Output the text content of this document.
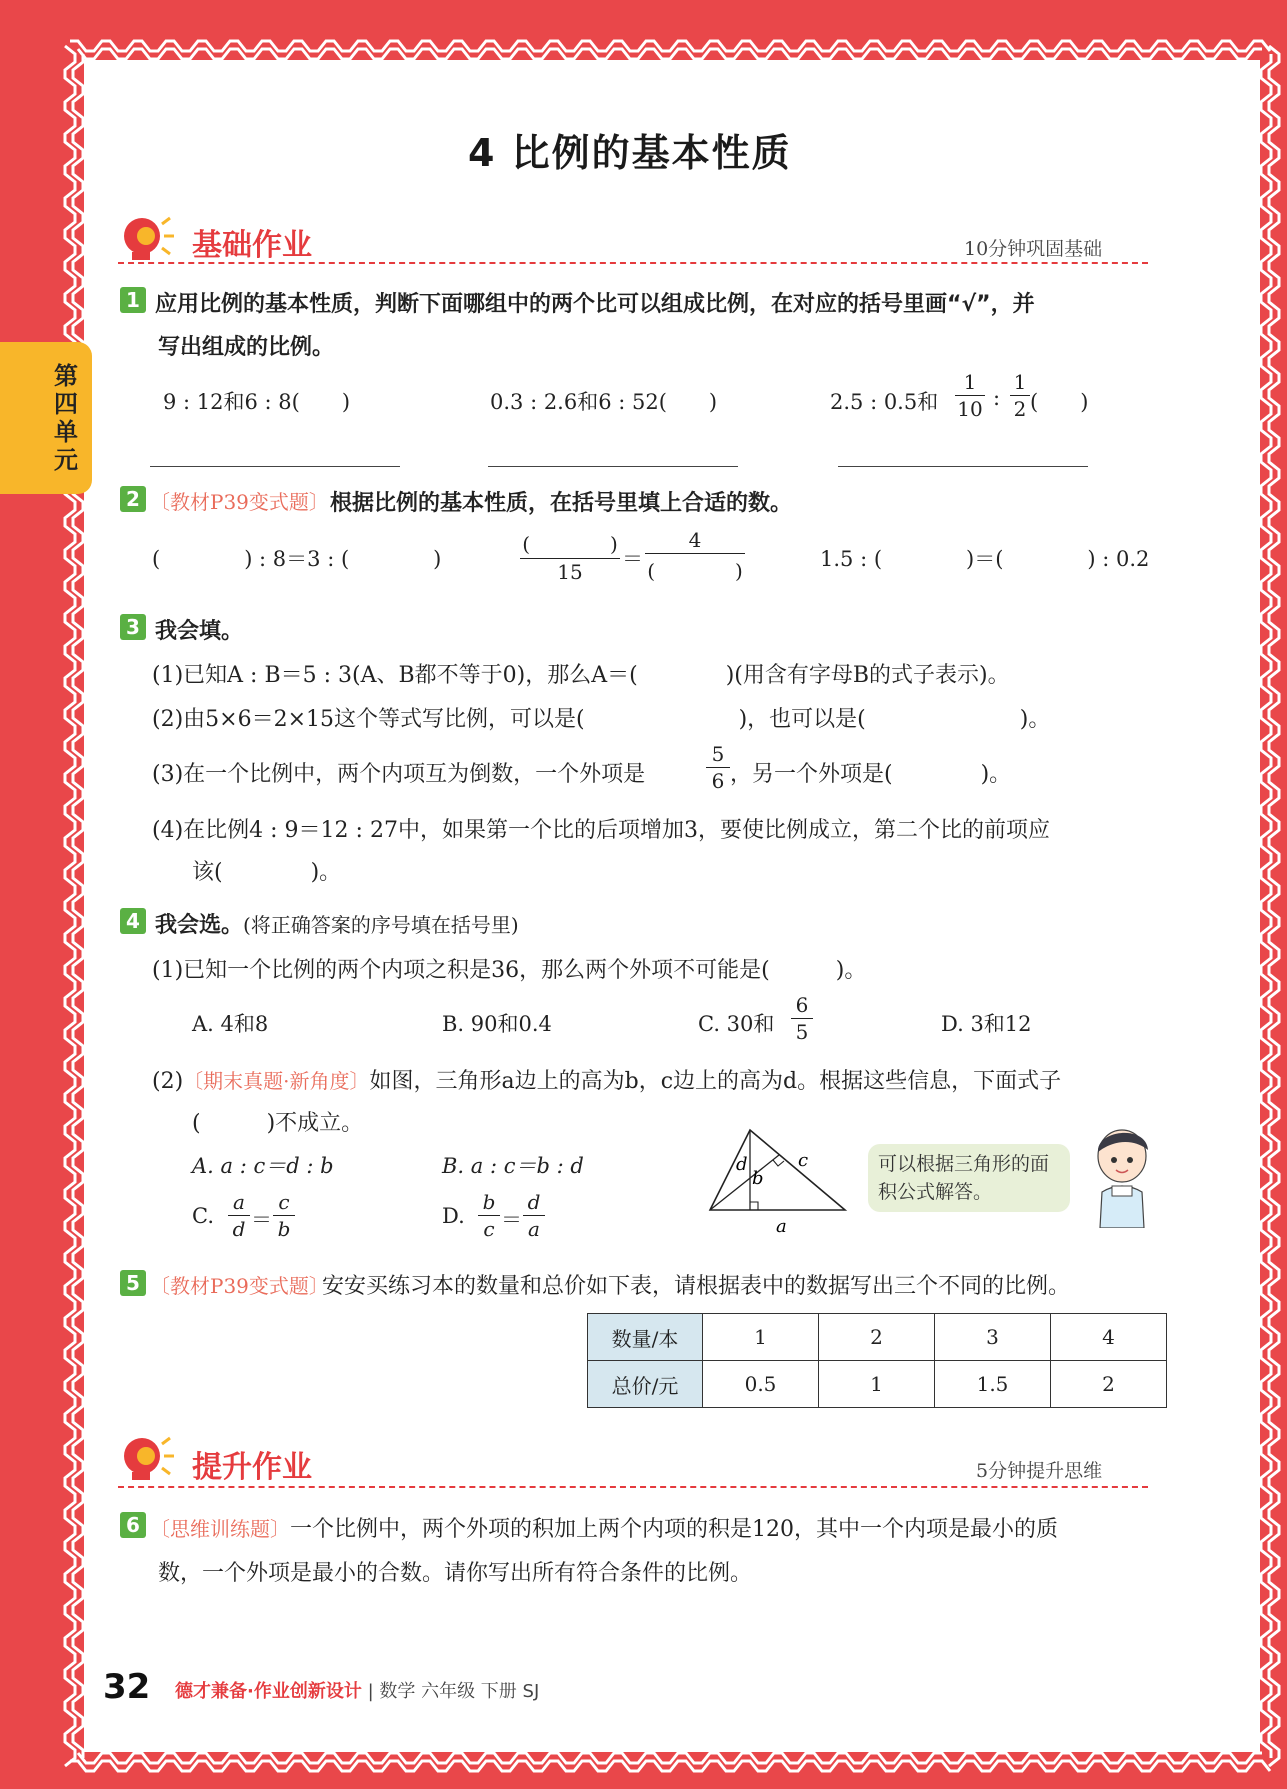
第四单元
4 比例的基本性质
基础作业	10分钟巩固基础
1 应用比例的基本性质，判断下面哪组中的两个比可以组成比例，在对应的括号里画“√”，并
写出组成的比例。
9 : 12和6 : 8(　　)	0.3 : 2.6和6 : 52(　　)	2.5 : 0.5和
1
10 :
1
2 (　　)
2 〔教材P39变式题〕 根据比例的基本性质，在括号里填上合适的数。
(　　　　) : 8＝3 : (　　　　)
(　　　　)
15
＝
4
(　　　　)	1.5 : (　　　　)＝(　　　　) : 0.2
3 我会填。
(1)已知A : B＝5 : 3(A、B都不等于0)，那么A＝(　　　　)(用含有字母B的式子表示)。
(2)由5×6＝2×15这个等式写比例，可以是(　　　　　　　)，也可以是(　　　　　　　)。
(3)在一个比例中，两个内项互为倒数，一个外项是
5
6 ，另一个外项是(　　　　)。
(4)在比例4 : 9＝12 : 27中，如果第一个比的后项增加3，要使比例成立，第二个比的前项应
该(　　　　)。
4 我会选。(将正确答案的序号填在括号里)
(1)已知一个比例的两个内项之积是36，那么两个外项不可能是(　　　)。
A. 4和8	B. 90和0.4	C. 30和
6
5	D. 3和12
(2)〔期末真题·新角度〕如图，三角形a边上的高为b，c边上的高为d。根据这些信息，下面式子
(　　　)不成立。
A. a : c＝d : b	B. a : c＝b : d
C.
a
d ＝
c
b
D.
b
c ＝
d
a	a
b
c
d	可以根据三角形的面积公式解答。
5 〔教材P39变式题〕
安安买练习本的数量和总价如下表，请根据表中的数据写出三个不同的比例。
数量/本	1	2	3	4
总价/元	0.5	1	1.5	2
提升作业	5分钟提升思维
6 〔思维训练题〕一个比例中，两个外项的积加上两个内项的积是120，其中一个内项是最小的质
数，一个外项是最小的合数。请你写出所有符合条件的比例。
32 德才兼备·作业创新设计 | 数学 六年级 下册 SJ
